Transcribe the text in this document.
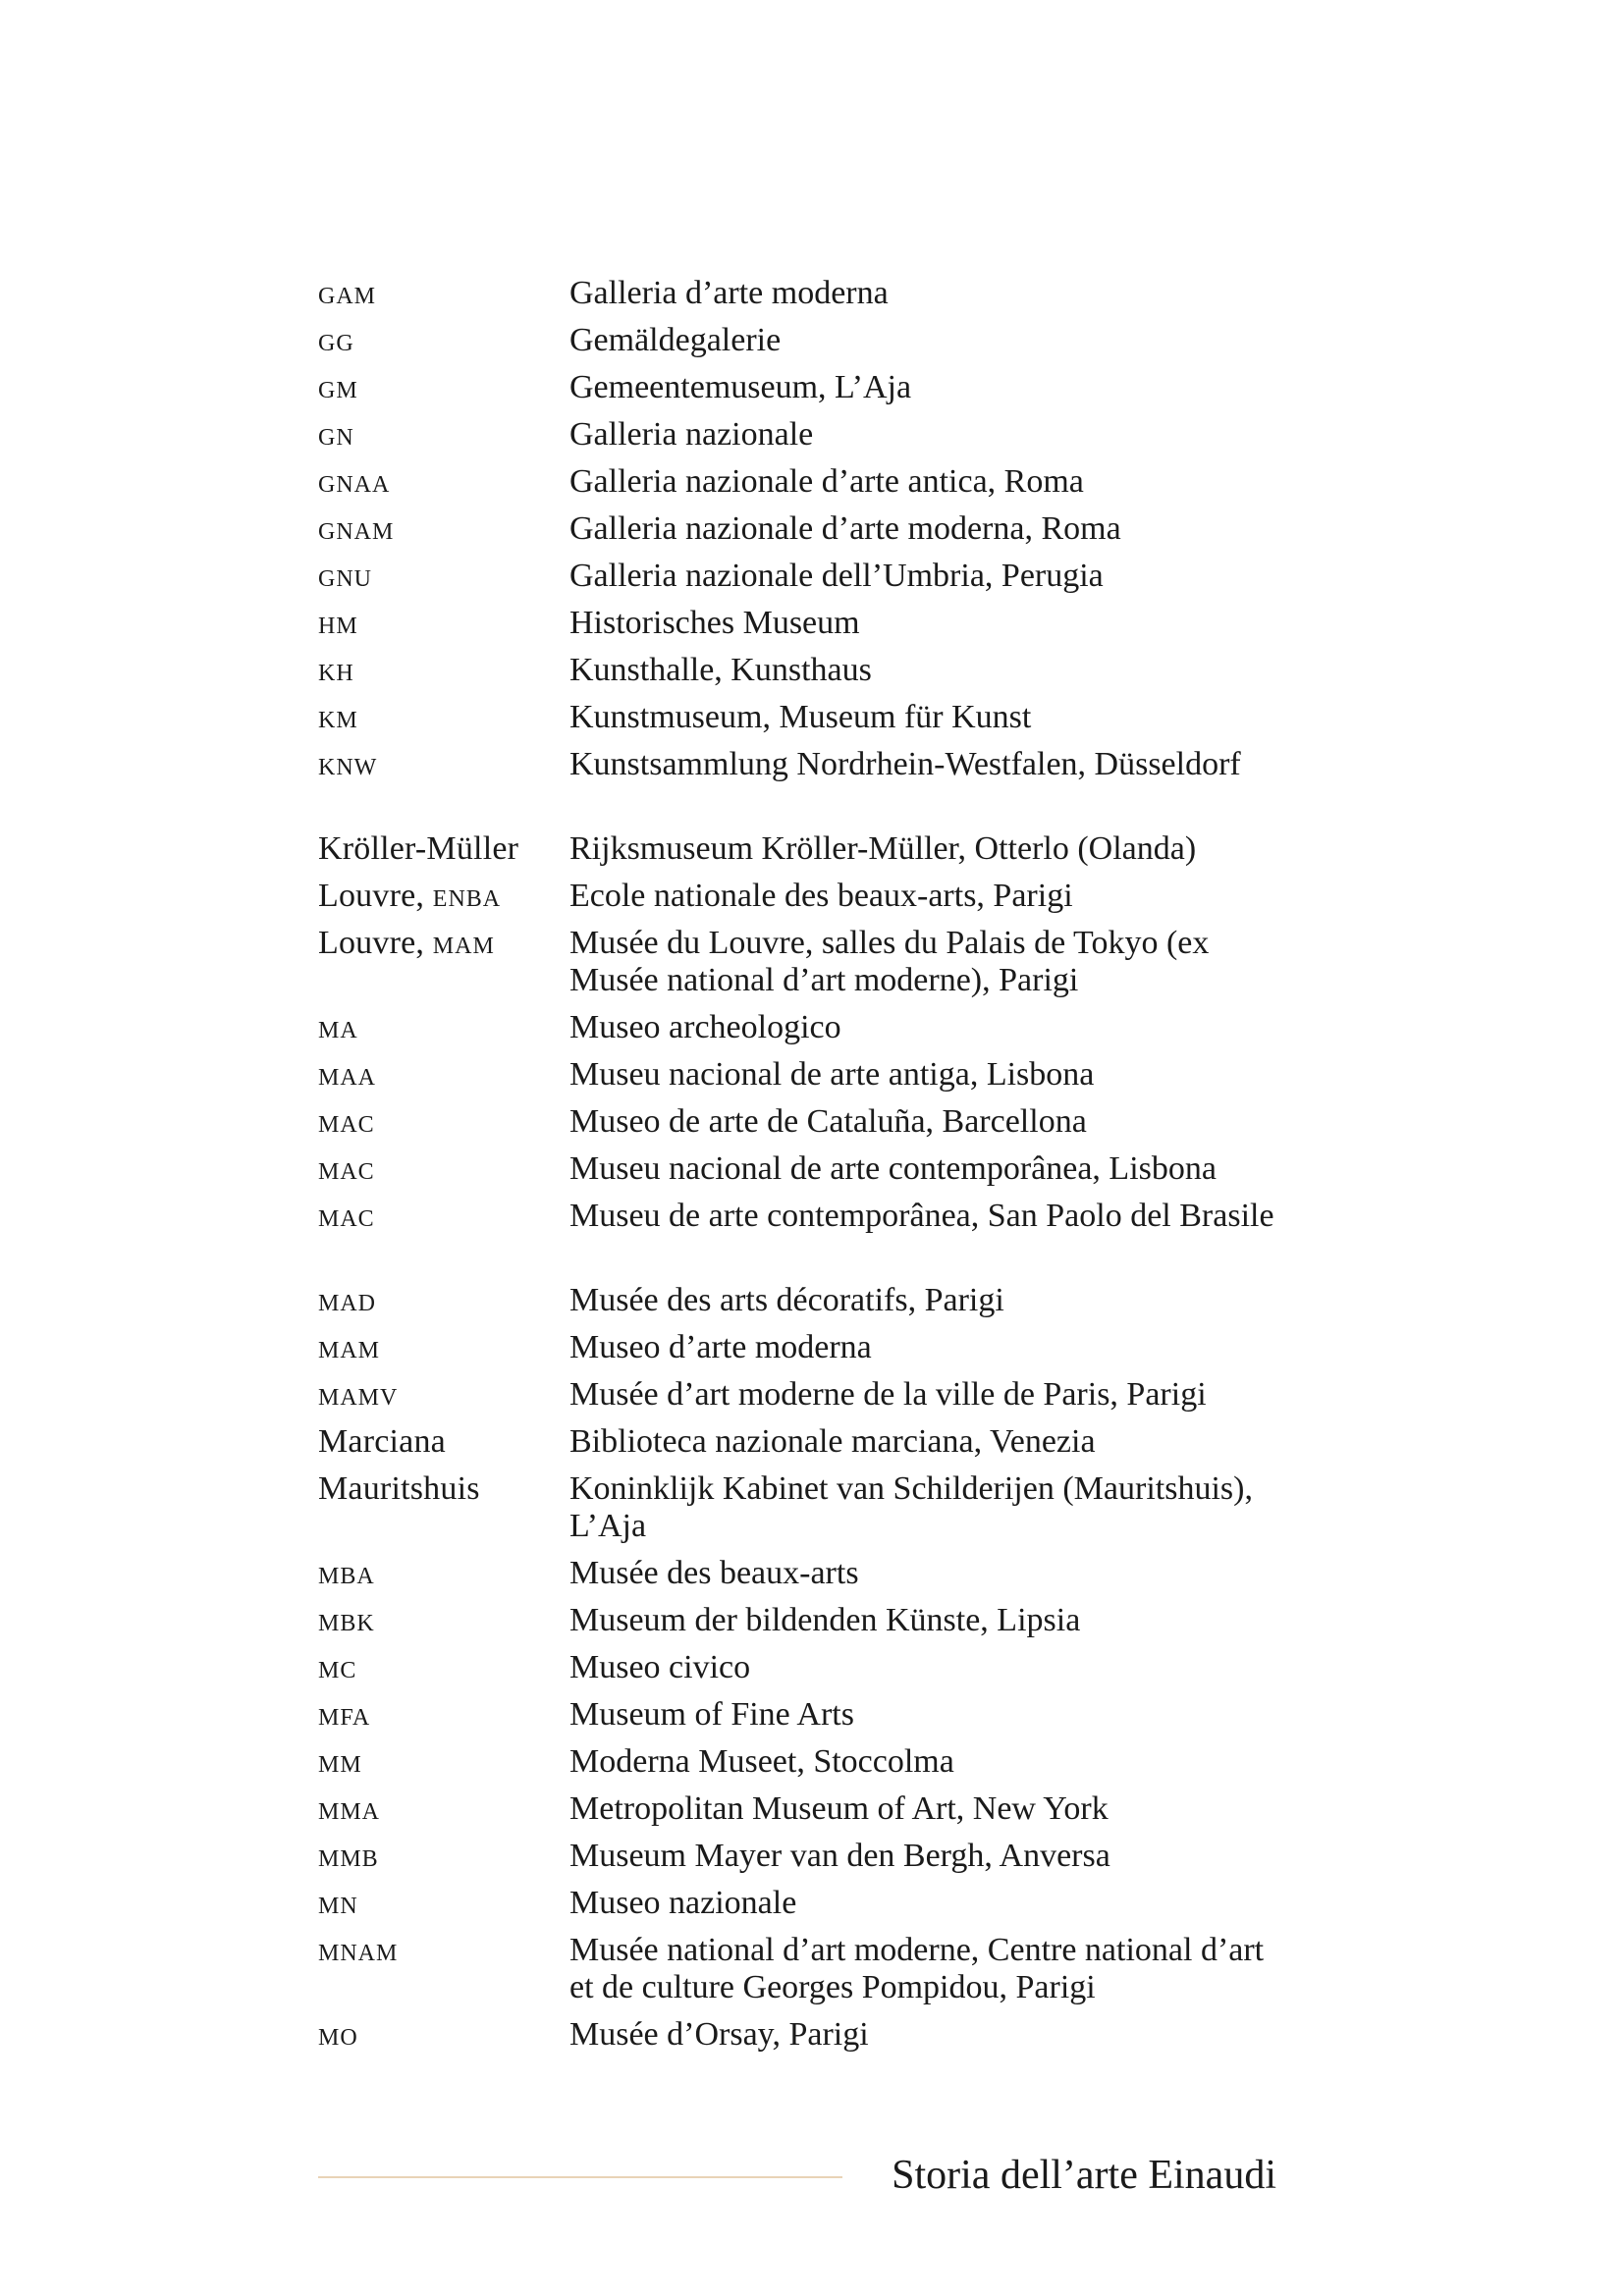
gam	Galleria d’arte moderna
gg	Gemäldegalerie
gm	Gemeentemuseum, L’Aja
gn	Galleria nazionale
gnaa	Galleria nazionale d’arte antica, Roma
gnam	Galleria nazionale d’arte moderna, Roma
gnu	Galleria nazionale dell’Umbria, Perugia
hm	Historisches Museum
kh	Kunsthalle, Kunsthaus
km	Kunstmuseum, Museum für Kunst
knw	Kunstsammlung Nordrhein-Westfalen, Düsseldorf
Kröller-Müller	Rijksmuseum Kröller-Müller, Otterlo (Olanda)
Louvre, enba	Ecole nationale des beaux-arts, Parigi
Louvre, mam	Musée du Louvre, salles du Palais de Tokyo (ex Musée national d’art moderne), Parigi
ma	Museo archeologico
maa	Museu nacional de arte antiga, Lisbona
mac	Museo de arte de Cataluña, Barcellona
mac	Museu nacional de arte contemporânea, Lisbona
mac	Museu de arte contemporânea, San Paolo del Brasile
mad	Musée des arts décoratifs, Parigi
mam	Museo d’arte moderna
mamv	Musée d’art moderne de la ville de Paris, Parigi
Marciana	Biblioteca nazionale marciana, Venezia
Mauritshuis	Koninklijk Kabinet van Schilderijen (Mauritshuis), L’Aja
mba	Musée des beaux-arts
mbk	Museum der bildenden Künste, Lipsia
mc	Museo civico
mfa	Museum of Fine Arts
mm	Moderna Museet, Stoccolma
mma	Metropolitan Museum of Art, New York
mmb	Museum Mayer van den Bergh, Anversa
mn	Museo nazionale
mnam	Musée national d’art moderne, Centre national d’art et de culture Georges Pompidou, Parigi
mo	Musée d’Orsay, Parigi
Storia dell’arte Einaudi
